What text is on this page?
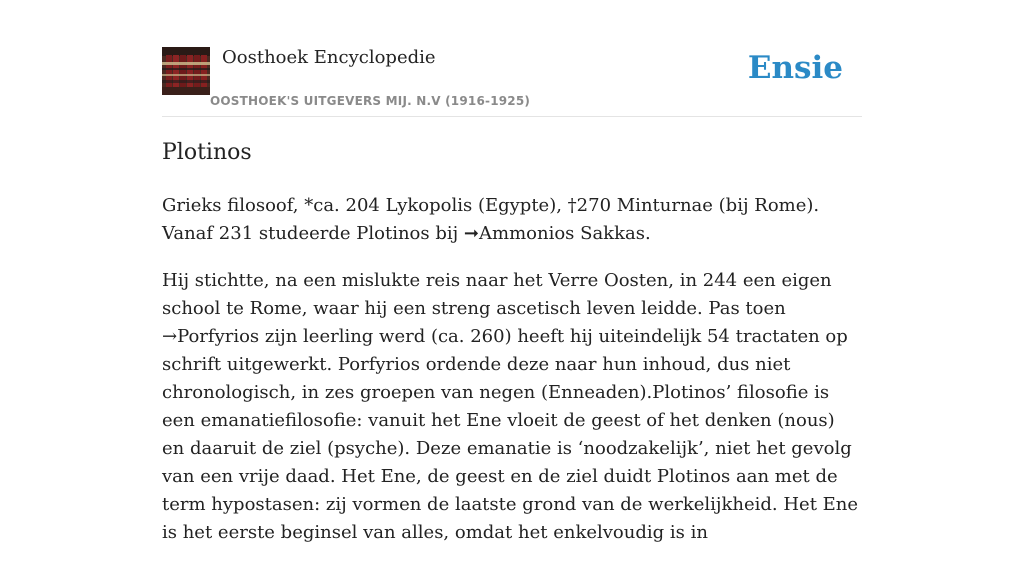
Oosthoek Encyclopedie
OOSTHOEK'S UITGEVERS MIJ. N.V (1916-1925)
Ensie
Plotinos

Grieks filosoof, *ca. 204 Lykopolis (Egypte), †270 Minturnae (bij Rome). Vanaf 231 studeerde Plotinos bij ➞Ammonios Sakkas.

Hij stichtte, na een mislukte reis naar het Verre Oosten, in 244 een eigen school te Rome, waar hij een streng ascetisch leven leidde. Pas toen →Porfyrios zijn leerling werd (ca. 260) heeft hij uiteindelijk 54 tractaten op schrift uitgewerkt. Porfyrios ordende deze naar hun inhoud, dus niet chronologisch, in zes groepen van negen (Enneaden).Plotinos’ filosofie is een emanatiefilosofie: vanuit het Ene vloeit de geest of het denken (nous) en daaruit de ziel (psyche). Deze emanatie is ‘noodzakelijk’, niet het gevolg van een vrije daad. Het Ene, de geest en de ziel duidt Plotinos aan met de term hypostasen: zij vormen de laatste grond van de werkelijkheid. Het Ene is het eerste beginsel van alles, omdat het enkelvoudig is in
